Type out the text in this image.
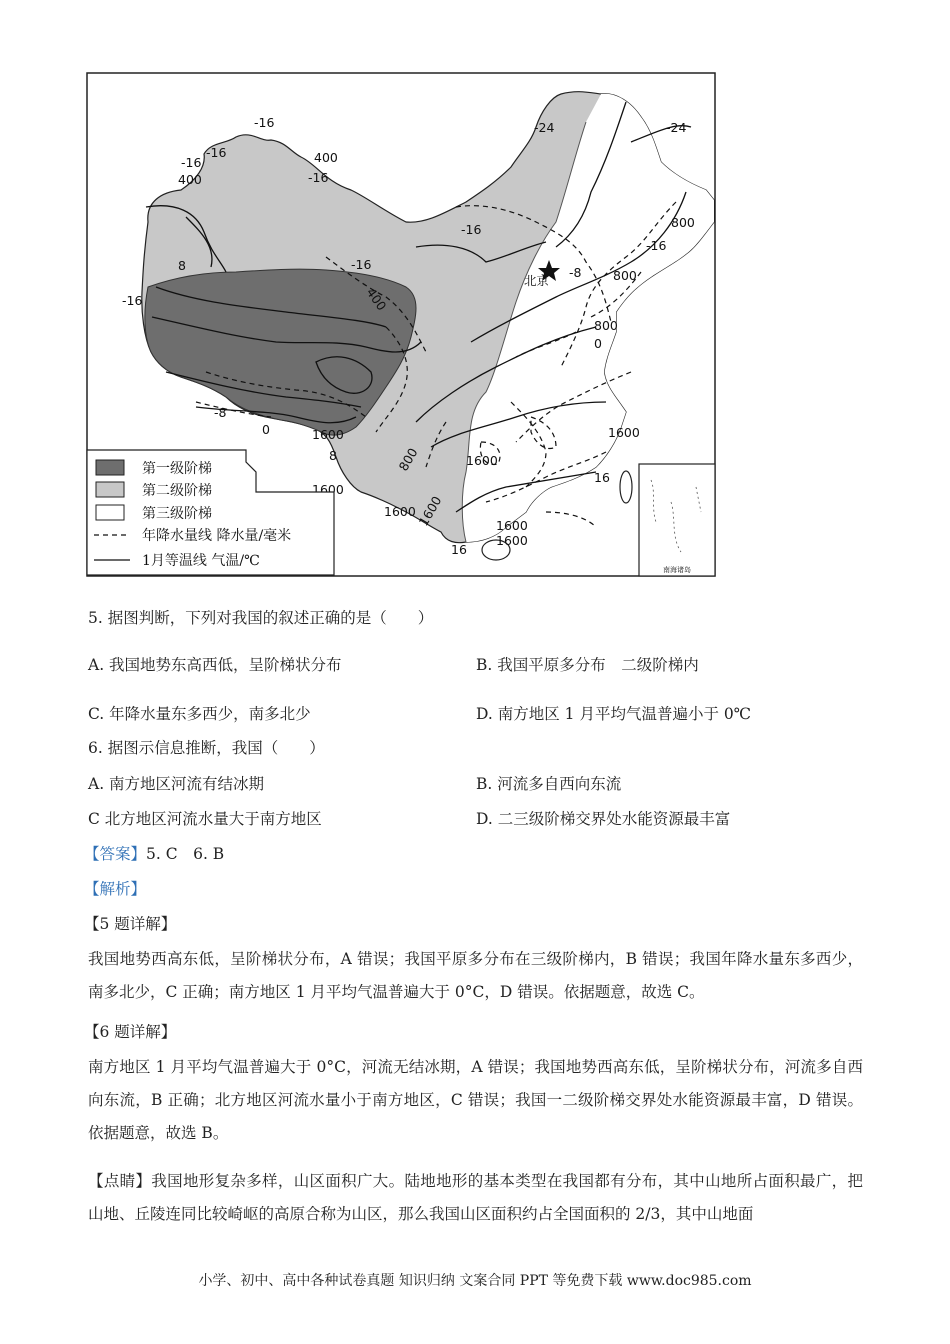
-16
-16
-16
-16
-16
-16
-16
-16
-24	-24
-8
-8
8
8
0
0
16
16
400
400
400
800
800
800
800
1600
1600
1600
1600
1600
1600
1600
1600
北京
南海诸岛
第一级阶梯
第二级阶梯
第三级阶梯
年降水量线 降水量/毫米
1月等温线 气温/℃
5. 据图判断，下列对我国的叙述正确的是（　　）
A. 我国地势东高西低，呈阶梯状分布	B. 我国平原多分布　二级阶梯内
C. 年降水量东多西少，南多北少	D. 南方地区 1 月平均气温普遍小于 0℃
6. 据图示信息推断，我国（　　）
A. 南方地区河流有结冰期	B. 河流多自西向东流
C 北方地区河流水量大于南方地区	D. 二三级阶梯交界处水能资源最丰富
【答案】5. C　6. B
【解析】
【5 题详解】
我国地势西高东低，呈阶梯状分布，A 错误；我国平原多分布在三级阶梯内，B 错误；我国年降水量东多西少，南多北少，C 正确；南方地区 1 月平均气温普遍大于 0°C，D 错误。依据题意，故选 C。
【6 题详解】
南方地区 1 月平均气温普遍大于 0°C，河流无结冰期，A 错误；我国地势西高东低，呈阶梯状分布，河流多自西向东流，B 正确；北方地区河流水量小于南方地区，C 错误；我国一二级阶梯交界处水能资源最丰富，D 错误。依据题意，故选 B。
【点睛】我国地形复杂多样，山区面积广大。陆地地形的基本类型在我国都有分布，其中山地所占面积最广，把山地、丘陵连同比较崎岖的高原合称为山区，那么我国山区面积约占全国面积的 2/3，其中山地面
小学、初中、高中各种试卷真题 知识归纳 文案合同 PPT 等免费下载 www.doc985.com
